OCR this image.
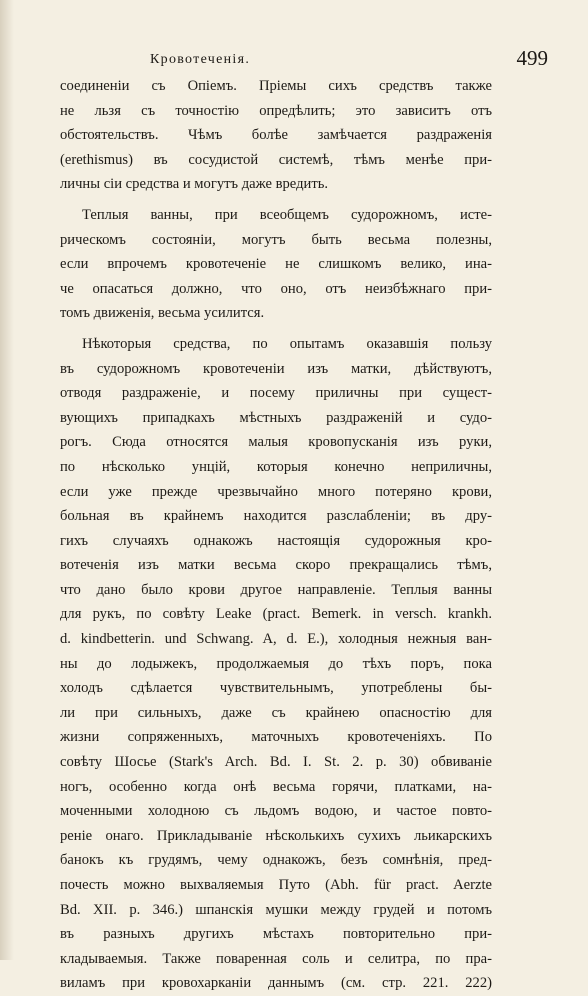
Кровотеченія.	499
соединеніи съ Опіемъ. Пріемы сихъ средствъ также
не льзя съ точностію опредѣлить; это зависитъ отъ
обстоятельствъ. Чѣмъ болѣе замѣчается раздраженія
(erethismus) въ сосудистой системѣ, тѣмъ менѣе при-
личны сіи средства и могутъ даже вредить.
Теплыя ванны, при всеобщемъ судорожномъ, исте-
рическомъ состояніи, могутъ быть весьма полезны,
если впрочемъ кровотеченіе не слишкомъ велико, ина-
че опасаться должно, что оно, отъ неизбѣжнаго при-
томъ движенія, весьма усилится.
Нѣкоторыя средства, по опытамъ оказавшія пользу
въ судорожномъ кровотеченіи изъ матки, дѣйствуютъ,
отводя раздраженіе, и посему приличны при сущест-
вующихъ припадкахъ мѣстныхъ раздраженій и судо-
рогъ. Сюда относятся малыя кровопусканія изъ руки,
по нѣсколько унцій, которыя конечно неприличны,
если уже прежде чрезвычайно много потеряно крови,
больная въ крайнемъ находится разслабленіи; въ дру-
гихъ случаяхъ однакожъ настоящія судорожныя кро-
вотеченія изъ матки весьма скоро прекращались тѣмъ,
что дано было крови другое направленіе. Теплыя ванны
для рукъ, по совѣту Leake (pract. Bemerk. in versch. krankh.
d. kindbetterin. und Schwang. A, d. E.), холодныя нежныя ван-
ны до лодыжекъ, продолжаемыя до тѣхъ поръ, пока
холодъ сдѣлается чувствительнымъ, употреблены бы-
ли при сильныхъ, даже съ крайнею опасностію для
жизни сопряженныхъ, маточныхъ кровотеченіяхъ. По
совѣту Шосье (Stark's Arch. Bd. I. St. 2. p. 30) обвиваніе
ногъ, особенно когда онѣ весьма горячи, платками, на-
моченными холодною съ льдомъ водою, и частое повто-
реніе онаго. Прикладываніе нѣсколькихъ сухихъ льикарскихъ
банокъ къ грудямъ, чему однакожъ, безъ сомнѣнія, пред-
почесть можно выхваляемыя Путо (Abh. für pract. Aerzte
Bd. XII. p. 346.) шпанскія мушки между грудей и потомъ
въ разныхъ другихъ мѣстахъ повторительно при-
кладываемыя. Также поваренная соль и селитра, по пра-
виламъ при кровохарканіи даннымъ (см. стр. 221. 222)
